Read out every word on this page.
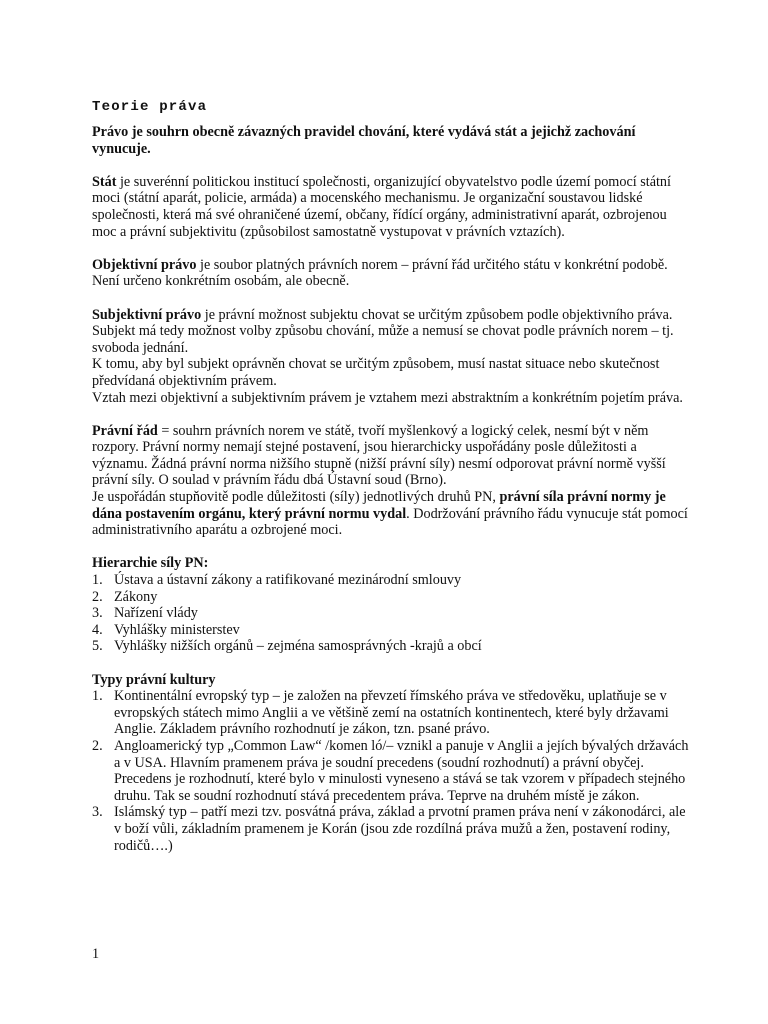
Teorie práva

Právo je souhrn obecně závazných pravidel chování, které vydává stát a jejichž zachování vynucuje.

Stát je suverénní politickou institucí společnosti, organizující obyvatelstvo podle území pomocí státní moci (státní aparát, policie, armáda) a mocenského mechanismu. Je organizační soustavou lidské společnosti, která má své ohraničené území, občany, řídící orgány, administrativní aparát, ozbrojenou moc a právní subjektivitu (způsobilost samostatně vystupovat v právních vztazích).

Objektivní právo je soubor platných právních norem – právní řád určitého státu v konkrétní podobě. Není určeno konkrétním osobám, ale obecně.

Subjektivní právo je právní možnost subjektu chovat se určitým způsobem podle objektivního práva. Subjekt má tedy možnost volby způsobu chování, může a nemusí se chovat podle právních norem – tj. svoboda jednání.

K tomu, aby byl subjekt oprávněn chovat se určitým způsobem, musí nastat situace nebo skutečnost předvídaná objektivním právem.

Vztah mezi objektivní a subjektivním právem je vztahem mezi abstraktním a konkrétním pojetím práva.

Právní řád = souhrn právních norem ve státě, tvoří myšlenkový a logický celek, nesmí být v něm rozpory. Právní normy nemají stejné postavení, jsou hierarchicky uspořádány posle důležitosti a významu. Žádná právní norma nižšího stupně (nižší právní síly) nesmí odporovat právní normě vyšší právní síly. O soulad v právním řádu dbá Ústavní soud (Brno).

Je uspořádán stupňovitě podle důležitosti (síly) jednotlivých druhů PN, právní síla právní normy je dána postavením orgánu, který právní normu vydal. Dodržování právního řádu vynucuje stát pomocí administrativního aparátu a ozbrojené moci.

Hierarchie síly PN:

1. Ústava a ústavní zákony a ratifikované mezinárodní smlouvy
2. Zákony
3. Nařízení vlády
4. Vyhlášky ministerstev
5. Vyhlášky nižších orgánů – zejména samosprávných -krajů a obcí

Typy právní kultury

1. Kontinentální evropský typ – je založen na převzetí římského práva ve středověku, uplatňuje se v evropských státech mimo Anglii a ve většině zemí na ostatních kontinentech, které byly državami Anglie. Základem právního rozhodnutí je zákon, tzn. psané právo.
2. Angloamerický typ „Common Law“ /komen ló/– vznikl a panuje v Anglii a jejích bývalých državách a v USA. Hlavním pramenem práva je soudní precedens (soudní rozhodnutí) a právní obyčej. Precedens je rozhodnutí, které bylo v minulosti vyneseno a stává se tak vzorem v případech stejného druhu. Tak se soudní rozhodnutí stává precedentem práva. Teprve na druhém místě je zákon.
3. Islámský typ – patří mezi tzv. posvátná práva, základ a prvotní pramen práva není v zákonodárci, ale v boží vůli, základním pramenem je Korán (jsou zde rozdílná práva mužů a žen, postavení rodiny, rodičů….)
1
